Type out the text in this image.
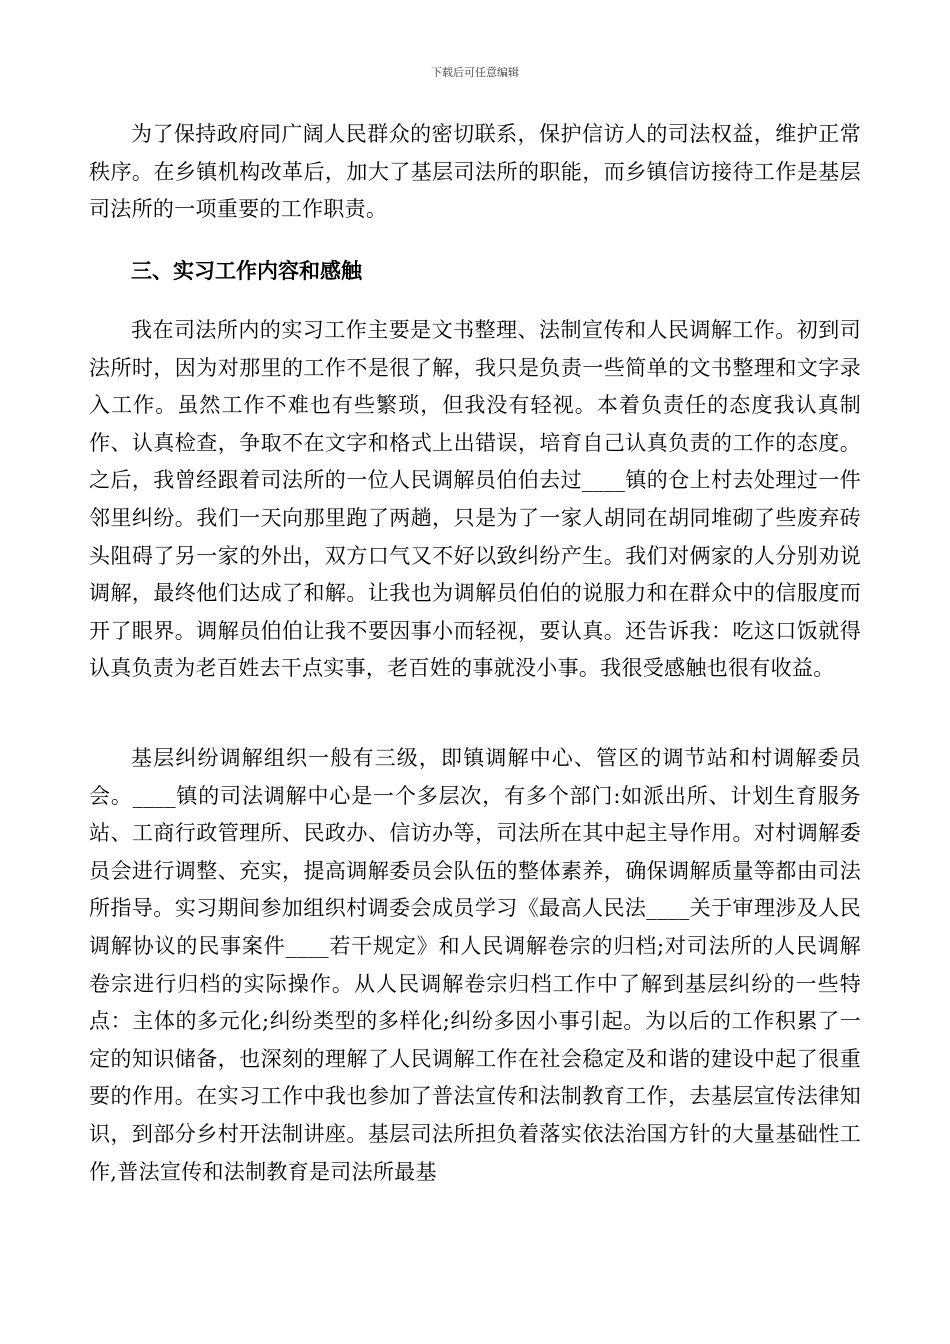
下载后可任意编辑

为了保持政府同广阔人民群众的密切联系，保护信访人的司法权益，维护正常秩序。在乡镇机构改革后，加大了基层司法所的职能，而乡镇信访接待工作是基层司法所的一项重要的工作职责。

三、实习工作内容和感触

我在司法所内的实习工作主要是文书整理、法制宣传和人民调解工作。初到司法所时，因为对那里的工作不是很了解，我只是负责一些简单的文书整理和文字录入工作。虽然工作不难也有些繁琐，但我没有轻视。本着负责任的态度我认真制作、认真检查，争取不在文字和格式上出错误，培育自己认真负责的工作的态度。之后，我曾经跟着司法所的一位人民调解员伯伯去过____镇的仓上村去处理过一件邻里纠纷。我们一天向那里跑了两趟，只是为了一家人胡同在胡同堆砌了些废弃砖头阻碍了另一家的外出，双方口气又不好以致纠纷产生。我们对俩家的人分别劝说调解，最终他们达成了和解。让我也为调解员伯伯的说服力和在群众中的信服度而开了眼界。调解员伯伯让我不要因事小而轻视，要认真。还告诉我：吃这口饭就得认真负责为老百姓去干点实事，老百姓的事就没小事。我很受感触也很有收益。

基层纠纷调解组织一般有三级，即镇调解中心、管区的调节站和村调解委员会。____镇的司法调解中心是一个多层次，有多个部门:如派出所、计划生育服务站、工商行政管理所、民政办、信访办等，司法所在其中起主导作用。对村调解委员会进行调整、充实，提高调解委员会队伍的整体素养，确保调解质量等都由司法所指导。实习期间参加组织村调委会成员学习《最高人民法____关于审理涉及人民调解协议的民事案件____若干规定》和人民调解卷宗的归档;对司法所的人民调解卷宗进行归档的实际操作。从人民调解卷宗归档工作中了解到基层纠纷的一些特点：主体的多元化;纠纷类型的多样化;纠纷多因小事引起。为以后的工作积累了一定的知识储备，也深刻的理解了人民调解工作在社会稳定及和谐的建设中起了很重要的作用。在实习工作中我也参加了普法宣传和法制教育工作，去基层宣传法律知识，到部分乡村开法制讲座。基层司法所担负着落实依法治国方针的大量基础性工作,普法宣传和法制教育是司法所最基
